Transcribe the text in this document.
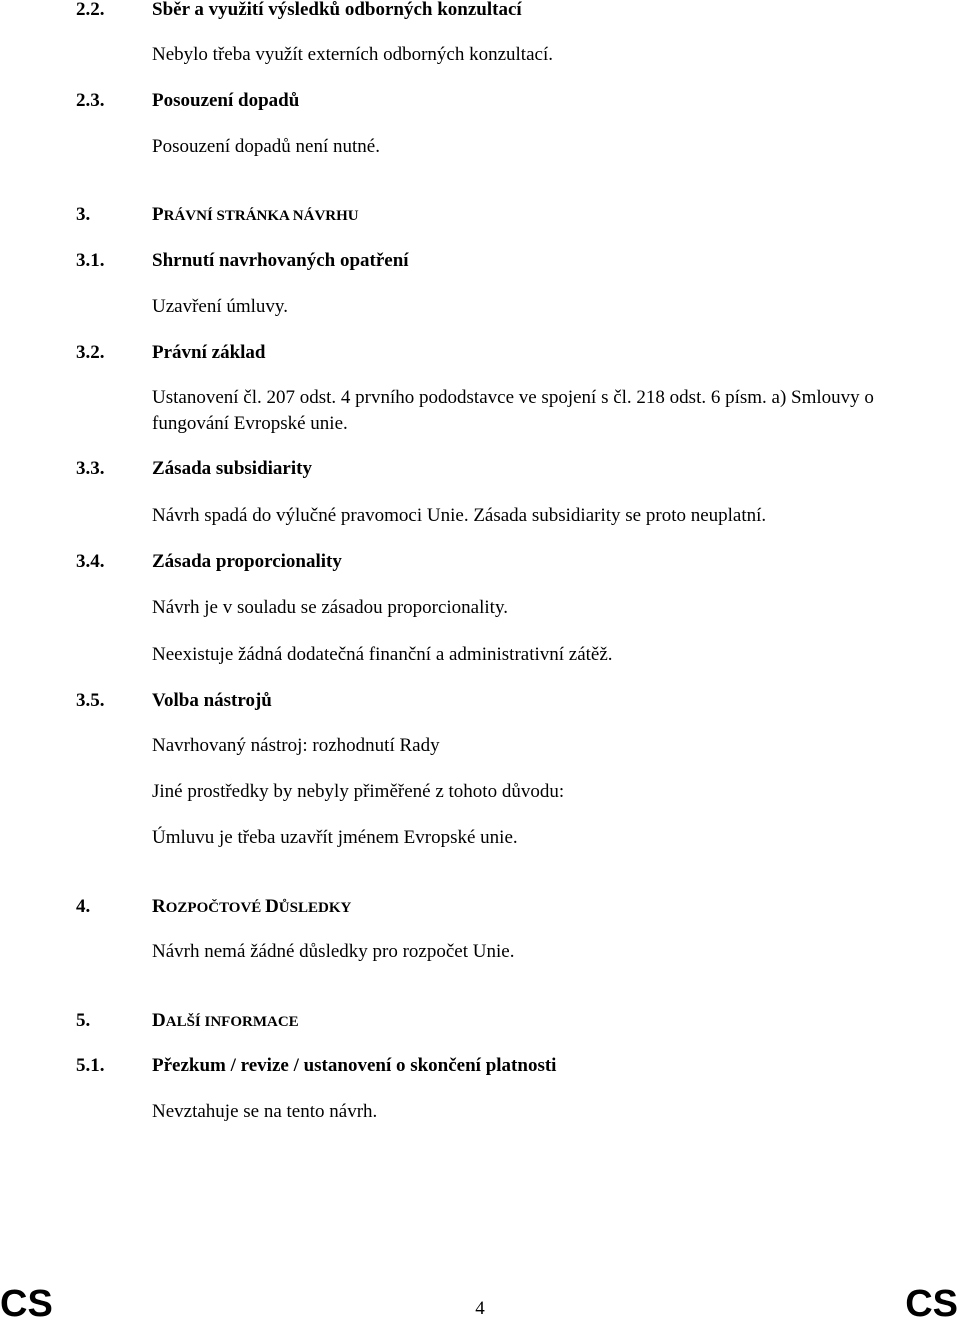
2.2.	Sběr a využití výsledků odborných konzultací
Nebylo třeba využít externích odborných konzultací.
2.3.	Posouzení dopadů
Posouzení dopadů není nutné.
3.	PRÁVNÍ STRÁNKA NÁVRHU
3.1.	Shrnutí navrhovaných opatření
Uzavření úmluvy.
3.2.	Právní základ
Ustanovení čl. 207 odst. 4 prvního pododstavce ve spojení s čl. 218 odst. 6 písm. a) Smlouvy o fungování Evropské unie.
3.3.	Zásada subsidiarity
Návrh spadá do výlučné pravomoci Unie. Zásada subsidiarity se proto neuplatní.
3.4.	Zásada proporcionality
Návrh je v souladu se zásadou proporcionality.
Neexistuje žádná dodatečná finanční a administrativní zátěž.
3.5.	Volba nástrojů
Navrhovaný nástroj: rozhodnutí Rady
Jiné prostředky by nebyly přiměřené z tohoto důvodu:
Úmluvu je třeba uzavřít jménem Evropské unie.
4.	ROZPOČTOVÉ DŮSLEDKY
Návrh nemá žádné důsledky pro rozpočet Unie.
5.	DALŠÍ INFORMACE
5.1.	Přezkum / revize / ustanovení o skončení platnosti
Nevztahuje se na tento návrh.
CS	4	CS
